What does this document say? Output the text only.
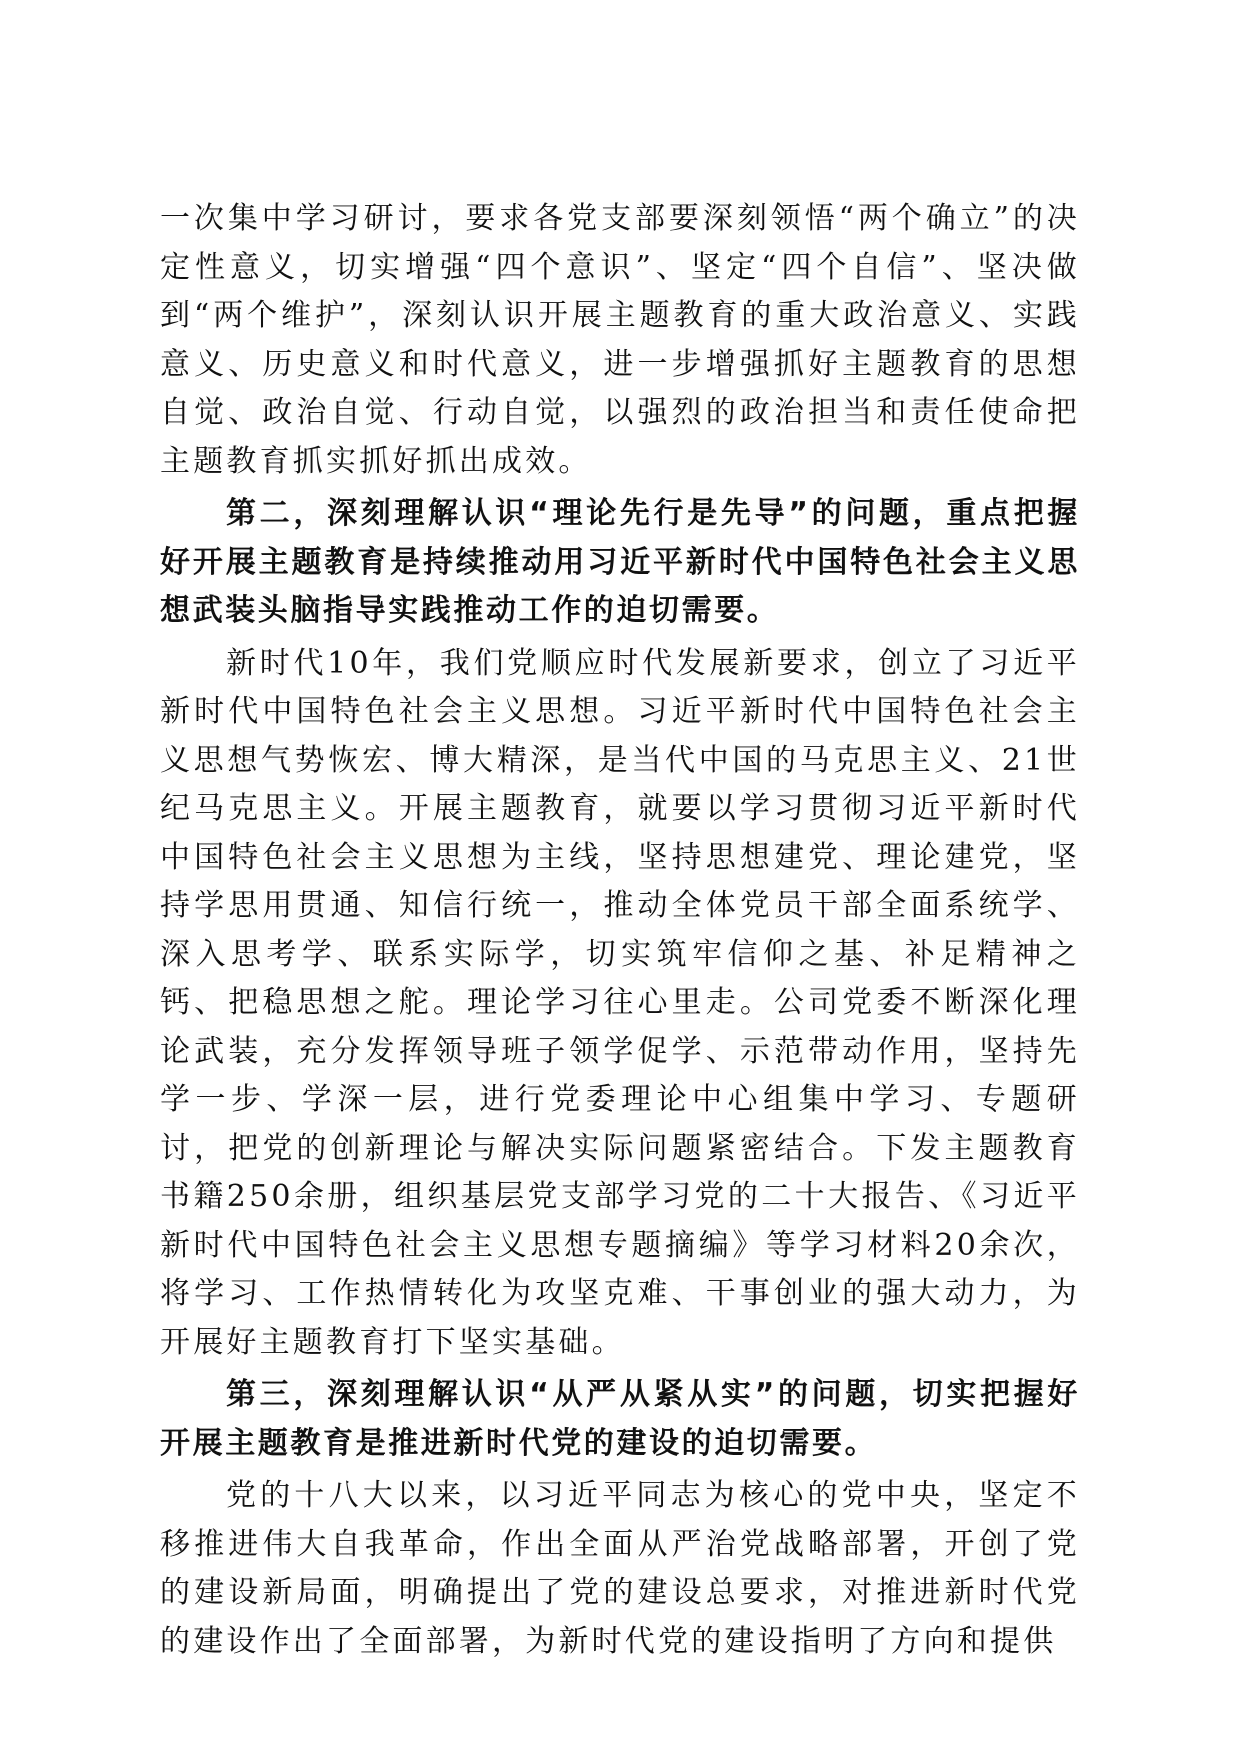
一次集中学习研讨，要求各党支部要深刻领悟“两个确立”的决定性意义，切实增强“四个意识”、坚定“四个自信”、坚决做到“两个维护”，深刻认识开展主题教育的重大政治意义、实践意义、历史意义和时代意义，进一步增强抓好主题教育的思想自觉、政治自觉、行动自觉，以强烈的政治担当和责任使命把主题教育抓实抓好抓出成效。

第二，深刻理解认识“理论先行是先导”的问题，重点把握好开展主题教育是持续推动用习近平新时代中国特色社会主义思想武装头脑指导实践推动工作的迫切需要。

新时代10年，我们党顺应时代发展新要求，创立了习近平新时代中国特色社会主义思想。习近平新时代中国特色社会主义思想气势恢宏、博大精深，是当代中国的马克思主义、21世纪马克思主义。开展主题教育，就要以学习贯彻习近平新时代中国特色社会主义思想为主线，坚持思想建党、理论建党，坚持学思用贯通、知信行统一，推动全体党员干部全面系统学、深入思考学、联系实际学，切实筑牢信仰之基、补足精神之钙、把稳思想之舵。理论学习往心里走。公司党委不断深化理论武装，充分发挥领导班子领学促学、示范带动作用，坚持先学一步、学深一层，进行党委理论中心组集中学习、专题研讨，把党的创新理论与解决实际问题紧密结合。下发主题教育书籍250余册，组织基层党支部学习党的二十大报告、《习近平新时代中国特色社会主义思想专题摘编》等学习材料20余次，将学习、工作热情转化为攻坚克难、干事创业的强大动力，为开展好主题教育打下坚实基础。

第三，深刻理解认识“从严从紧从实”的问题，切实把握好开展主题教育是推进新时代党的建设的迫切需要。

党的十八大以来，以习近平同志为核心的党中央，坚定不移推进伟大自我革命，作出全面从严治党战略部署，开创了党的建设新局面，明确提出了党的建设总要求，对推进新时代党的建设作出了全面部署，为新时代党的建设指明了方向和提供
